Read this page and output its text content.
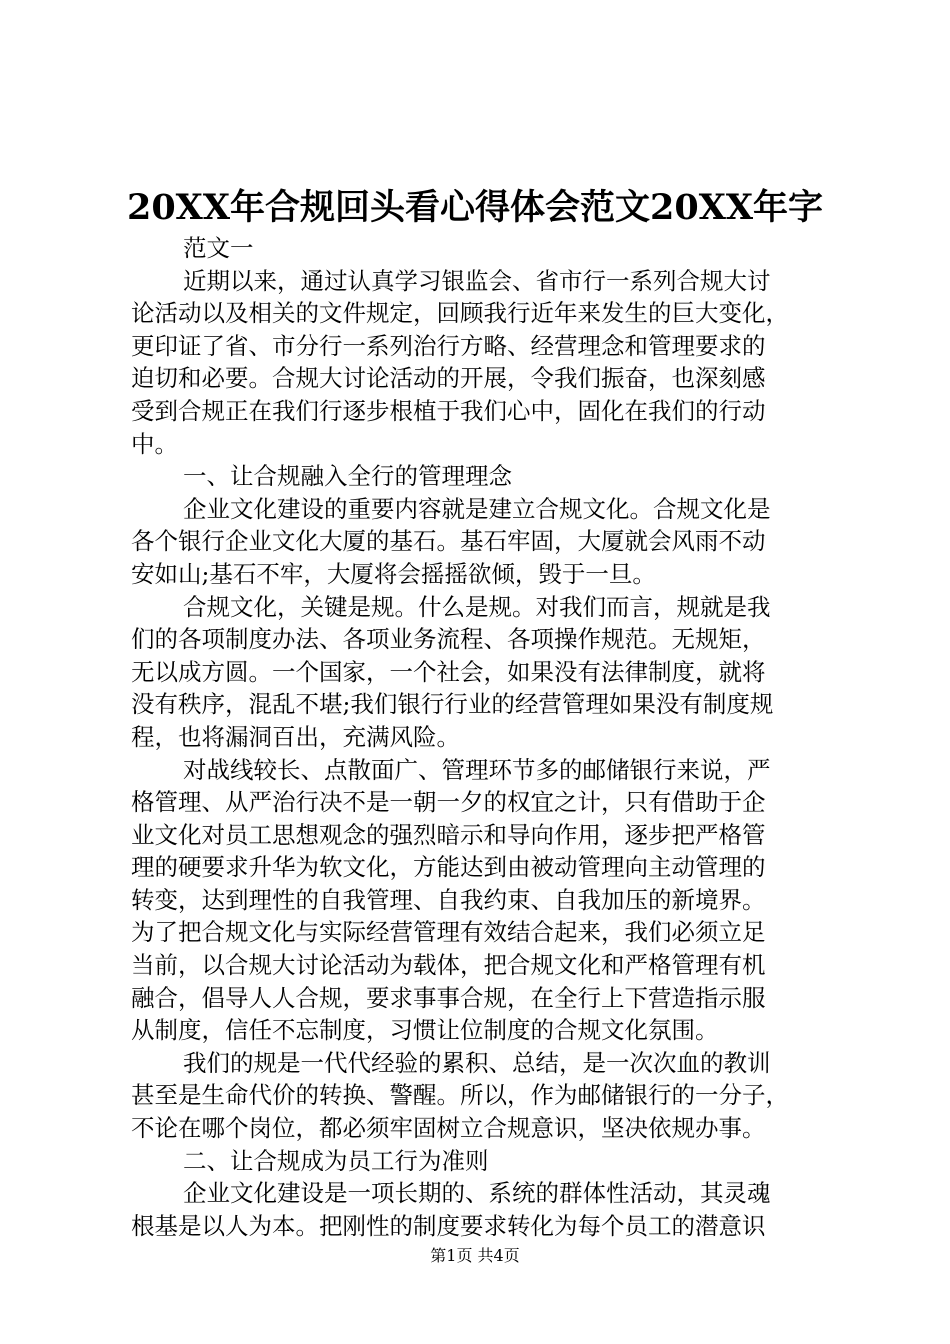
20XX年合规回头看心得体会范文20XX年字
范文一
近期以来，通过认真学习银监会、省市行一系列合规大讨
论活动以及相关的文件规定，回顾我行近年来发生的巨大变化，
更印证了省、市分行一系列治行方略、经营理念和管理要求的
迫切和必要。合规大讨论活动的开展，令我们振奋，也深刻感
受到合规正在我们行逐步根植于我们心中，固化在我们的行动
中。
一、让合规融入全行的管理理念
企业文化建设的重要内容就是建立合规文化。合规文化是
各个银行企业文化大厦的基石。基石牢固，大厦就会风雨不动
安如山;基石不牢，大厦将会摇摇欲倾，毁于一旦。
合规文化，关键是规。什么是规。对我们而言，规就是我
们的各项制度办法、各项业务流程、各项操作规范。无规矩，
无以成方圆。一个国家，一个社会，如果没有法律制度，就将
没有秩序，混乱不堪;我们银行行业的经营管理如果没有制度规
程，也将漏洞百出，充满风险。
对战线较长、点散面广、管理环节多的邮储银行来说，严
格管理、从严治行决不是一朝一夕的权宜之计，只有借助于企
业文化对员工思想观念的强烈暗示和导向作用，逐步把严格管
理的硬要求升华为软文化，方能达到由被动管理向主动管理的
转变，达到理性的自我管理、自我约束、自我加压的新境界。
为了把合规文化与实际经营管理有效结合起来，我们必须立足
当前，以合规大讨论活动为载体，把合规文化和严格管理有机
融合，倡导人人合规，要求事事合规，在全行上下营造指示服
从制度，信任不忘制度，习惯让位制度的合规文化氛围。
我们的规是一代代经验的累积、总结，是一次次血的教训
甚至是生命代价的转换、警醒。所以，作为邮储银行的一分子，
不论在哪个岗位，都必须牢固树立合规意识，坚决依规办事。
二、让合规成为员工行为准则
企业文化建设是一项长期的、系统的群体性活动，其灵魂
根基是以人为本。把刚性的制度要求转化为每个员工的潜意识
第1页 共4页
